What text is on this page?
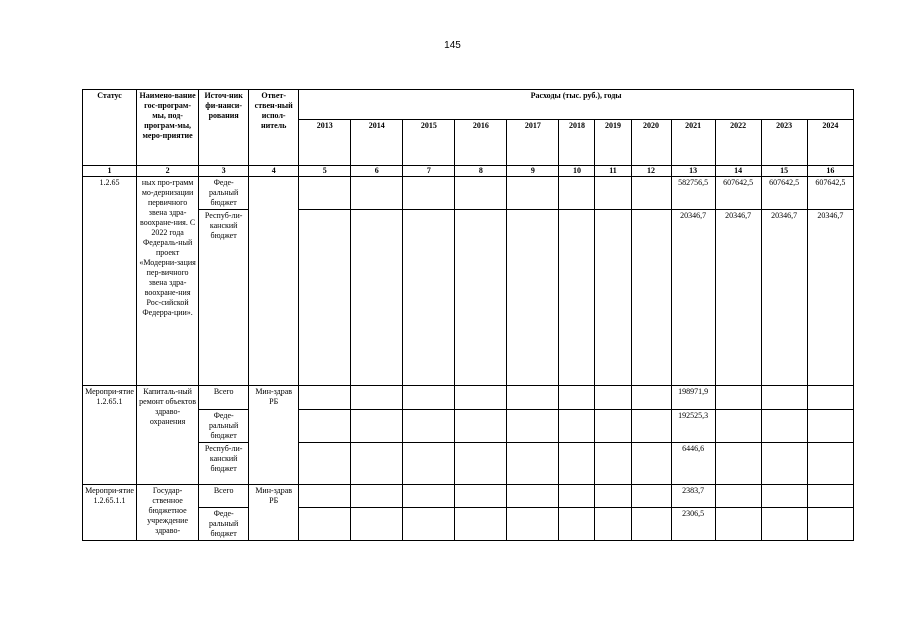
145
Статус	Наимено-вание гос-програм-мы, под-програм-мы, меро-приятие	Источ-ник фи-нанси-рования	Ответ-ствен-ный испол-нитель	Расходы (тыс. руб.), годы											
				2013	2014	2015	2016	2017	2018	2019	2020	2021	2022	2023	2024
1	2	3	4	5	6	7	8	9	10	11	12	13	14	15	16
1.2.65	ных про-грамм мо-дернизации первичного звена здра-воохране-ния. С 2022 года Федераль-ный проект «Модерни-зация пер-вичного звена здра-воохране-ния Рос-сийской Федерра-ции».	Феде-ральный бюджет										582756,5	607642,5	607642,5	607642,5
		Респуб-ли-канский бюджет										20346,7	20346,7	20346,7	20346,7
Меропри-ятие 1.2.65.1	Капиталь-ный ремонт объектов здраво-охранения	Всего	Мин-здрав РБ									198971,9			
		Феде-ральный бюджет										192525,3			
		Респуб-ли-канский бюджет										6446,6			
Меропри-ятие 1.2.65.1.1	Государ-ственное бюджетное учреждение здраво-	Всего	Мин-здрав РБ									2383,7			
		Феде-ральный бюджет										2306,5			
